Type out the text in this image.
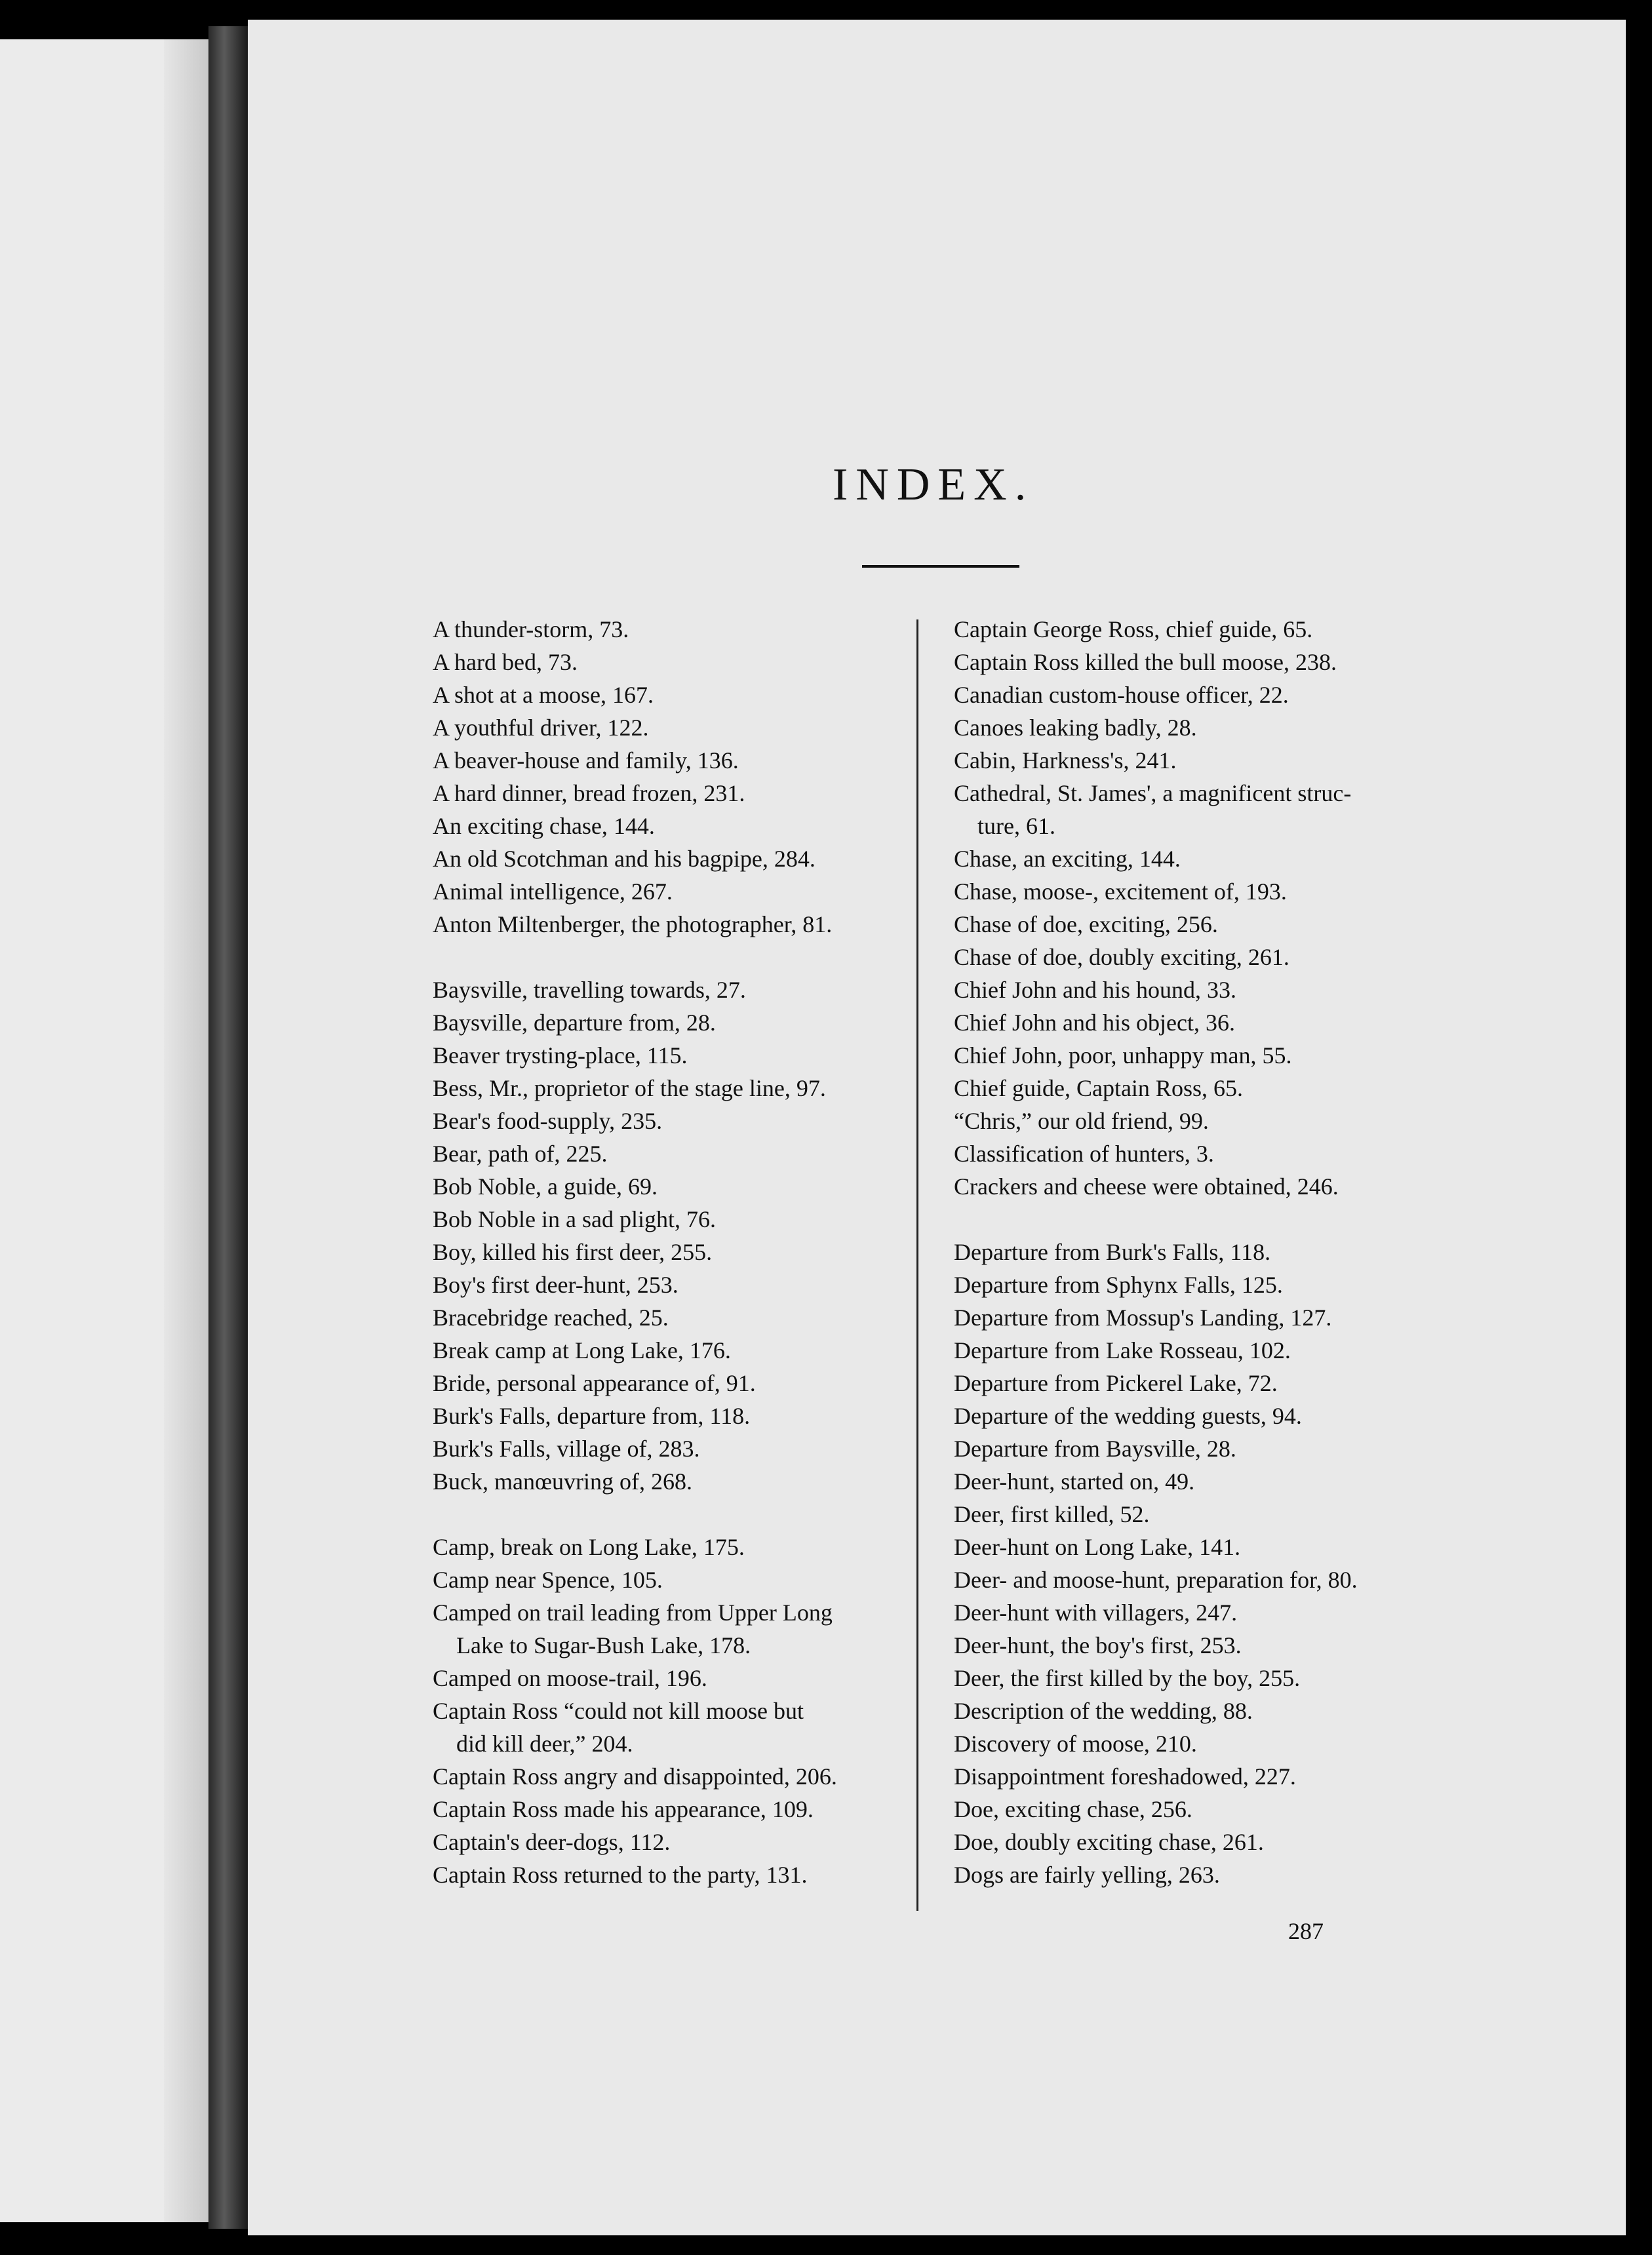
INDEX.
A thunder-storm, 73.
A hard bed, 73.
A shot at a moose, 167.
A youthful driver, 122.
A beaver-house and family, 136.
A hard dinner, bread frozen, 231.
An exciting chase, 144.
An old Scotchman and his bagpipe, 284.
Animal intelligence, 267.
Anton Miltenberger, the photographer, 81.
Baysville, travelling towards, 27.
Baysville, departure from, 28.
Beaver trysting-place, 115.
Bess, Mr., proprietor of the stage line, 97.
Bear's food-supply, 235.
Bear, path of, 225.
Bob Noble, a guide, 69.
Bob Noble in a sad plight, 76.
Boy, killed his first deer, 255.
Boy's first deer-hunt, 253.
Bracebridge reached, 25.
Break camp at Long Lake, 176.
Bride, personal appearance of, 91.
Burk's Falls, departure from, 118.
Burk's Falls, village of, 283.
Buck, manœuvring of, 268.
Camp, break on Long Lake, 175.
Camp near Spence, 105.
Camped on trail leading from Upper Long
Lake to Sugar-Bush Lake, 178.
Camped on moose-trail, 196.
Captain Ross “could not kill moose but
did kill deer,” 204.
Captain Ross angry and disappointed, 206.
Captain Ross made his appearance, 109.
Captain's deer-dogs, 112.
Captain Ross returned to the party, 131.
Captain George Ross, chief guide, 65.
Captain Ross killed the bull moose, 238.
Canadian custom-house officer, 22.
Canoes leaking badly, 28.
Cabin, Harkness's, 241.
Cathedral, St. James', a magnificent struc-
ture, 61.
Chase, an exciting, 144.
Chase, moose-, excitement of, 193.
Chase of doe, exciting, 256.
Chase of doe, doubly exciting, 261.
Chief John and his hound, 33.
Chief John and his object, 36.
Chief John, poor, unhappy man, 55.
Chief guide, Captain Ross, 65.
“Chris,” our old friend, 99.
Classification of hunters, 3.
Crackers and cheese were obtained, 246.
Departure from Burk's Falls, 118.
Departure from Sphynx Falls, 125.
Departure from Mossup's Landing, 127.
Departure from Lake Rosseau, 102.
Departure from Pickerel Lake, 72.
Departure of the wedding guests, 94.
Departure from Baysville, 28.
Deer-hunt, started on, 49.
Deer, first killed, 52.
Deer-hunt on Long Lake, 141.
Deer- and moose-hunt, preparation for, 80.
Deer-hunt with villagers, 247.
Deer-hunt, the boy's first, 253.
Deer, the first killed by the boy, 255.
Description of the wedding, 88.
Discovery of moose, 210.
Disappointment foreshadowed, 227.
Doe, exciting chase, 256.
Doe, doubly exciting chase, 261.
Dogs are fairly yelling, 263.
287
